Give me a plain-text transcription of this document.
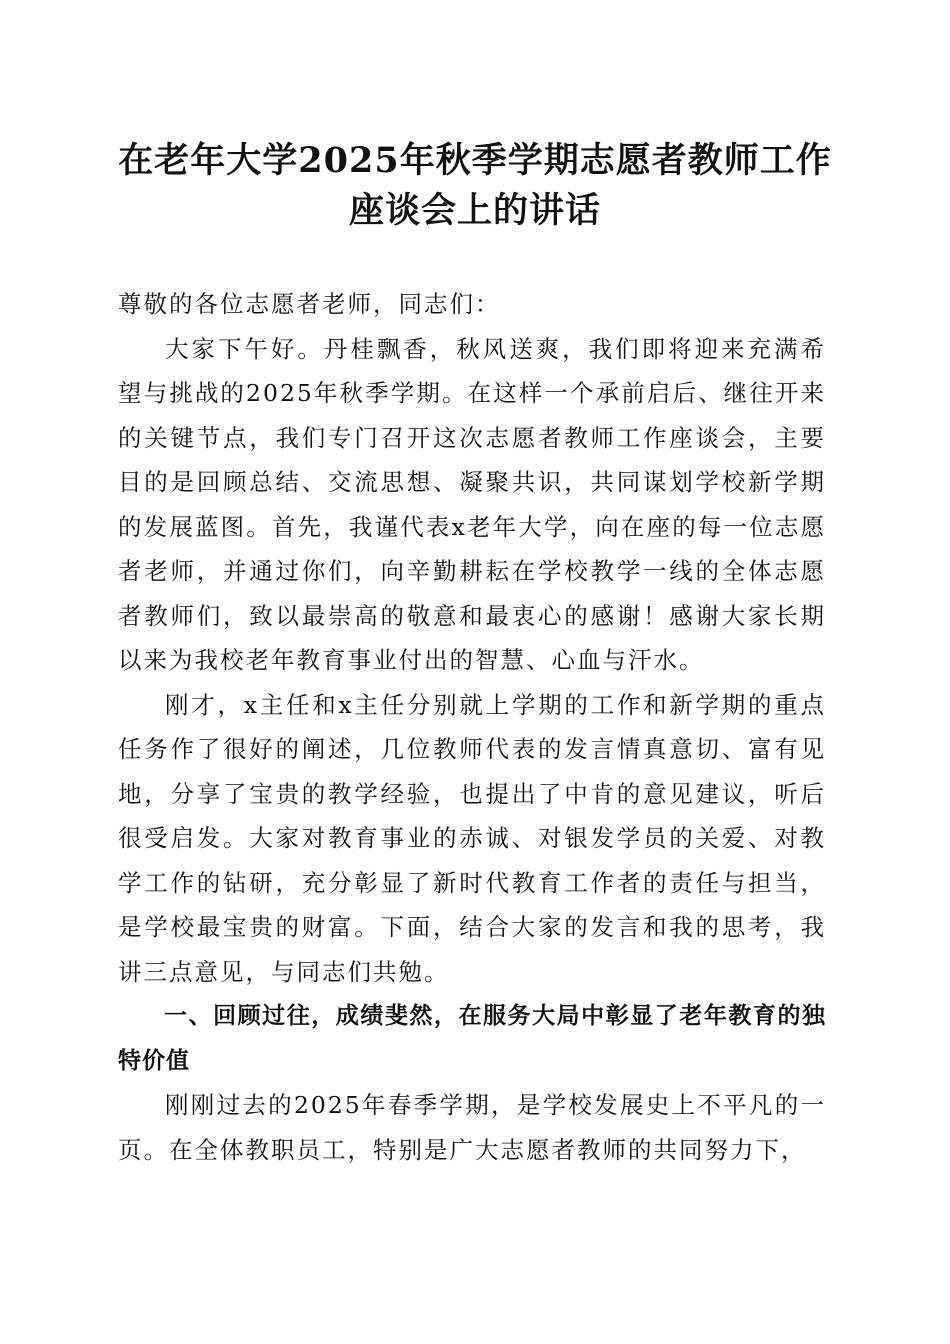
在老年大学2025年秋季学期志愿者教师工作
座谈会上的讲话

尊敬的各位志愿者老师，同志们：

大家下午好。丹桂飘香，秋风送爽，我们即将迎来充满希望与挑战的2025年秋季学期。在这样一个承前启后、继往开来的关键节点，我们专门召开这次志愿者教师工作座谈会，主要目的是回顾总结、交流思想、凝聚共识，共同谋划学校新学期的发展蓝图。首先，我谨代表x老年大学，向在座的每一位志愿者老师，并通过你们，向辛勤耕耘在学校教学一线的全体志愿者教师们，致以最崇高的敬意和最衷心的感谢！感谢大家长期以来为我校老年教育事业付出的智慧、心血与汗水。

刚才，x主任和x主任分别就上学期的工作和新学期的重点任务作了很好的阐述，几位教师代表的发言情真意切、富有见地，分享了宝贵的教学经验，也提出了中肯的意见建议，听后很受启发。大家对教育事业的赤诚、对银发学员的关爱、对教学工作的钻研，充分彰显了新时代教育工作者的责任与担当，是学校最宝贵的财富。下面，结合大家的发言和我的思考，我讲三点意见，与同志们共勉。

一、回顾过往，成绩斐然，在服务大局中彰显了老年教育的独特价值

刚刚过去的2025年春季学期，是学校发展史上不平凡的一页。在全体教职员工，特别是广大志愿者教师的共同努力下，
